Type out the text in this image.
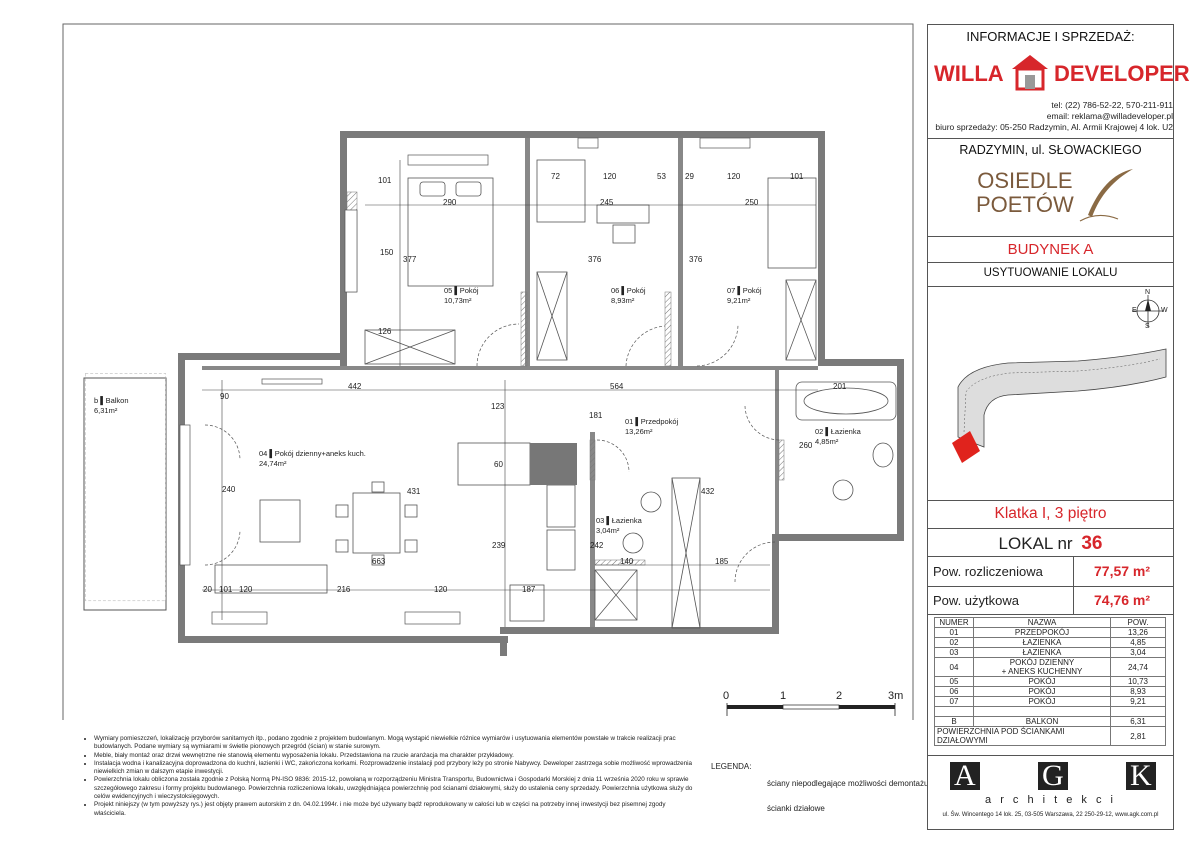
0	1	2	3m
05 ▌Pokój
10,73m²
06 ▌Pokój
8,93m²
07 ▌Pokój
9,21m²
b ▌Balkon
6,31m²
04 ▌Pokój dzienny+aneks kuch.
24,74m²
01 ▌Przedpokój
13,26m²	02 ▌Łazienka
4,85m²
03 ▌Łazienka
3,04m²
101	72	120	53 29	120	101
290	245	250
150
377	376	376
126
442	564	201
90
123
181
60
260
240	431	432
239	242
663	140	185
20 101 120	216	120	187
• Wymiary pomieszczeń, lokalizację przyborów sanitarnych itp., podano zgodnie z projektem budowlanym. Mogą wystąpić niewielkie różnice wymiarów i usytuowania elementów powstałe w trakcie realizacji prac budowlanych. Podane wymiary są wymiarami w świetle pionowych przegród (ścian) w stanie surowym.
• Meble, biały montaż oraz drzwi wewnętrzne nie stanowią elementu wyposażenia lokalu. Przedstawiona na rzucie aranżacja ma charakter przykładowy.
• Instalacja wodna i kanalizacyjna doprowadzona do kuchni, łazienki i WC, zakończona korkami. Rozprowadzenie instalacji pod przybory leży po stronie Nabywcy. Deweloper zastrzega sobie możliwość wprowadzenia niewielkich zmian w dalszym etapie inwestycji.
• Powierzchnia lokalu obliczona została zgodnie z Polską Normą PN-ISO 9836: 2015-12, powołaną w rozporządzeniu Ministra Transportu, Budownictwa i Gospodarki Morskiej z dnia 11 września 2020 roku w sprawie szczegółowego zakresu i formy projektu budowlanego. Powierzchnia rozliczeniowa lokalu, uwzględniająca powierzchnię pod ścianami działowymi, służy do ustalenia ceny sprzedaży. Powierzchnia użytkowa służy do celów ewidencyjnych i wieczystoksięgowych.
• Projekt niniejszy (w tym powyższy rys.) jest objęty prawem autorskim z dn. 04.02.1994r. i nie może być używany bądź reprodukowany w całości lub w części na potrzeby innej inwestycji bez pisemnej zgody właściciela.
LEGENDA:
ściany niepodlegające możliwości demontażu
ścianki działowe
INFORMACJE I SPRZEDAŻ:
WILLA DEVELOPER
tel: (22) 786-52-22, 570-211-911
email: reklama@willadeveloper.pl
biuro sprzedaży: 05-250 Radzymin, Al. Armii Krajowej 4 lok. U2
RADZYMIN, ul. SŁOWACKIEGO
OSIEDLE
POETÓW
BUDYNEK A
USYTUOWANIE LOKALU
E
N
W
S
Klatka I, 3 piętro
LOKAL nr 36
Pow. rozliczeniowa	77,57 m²
Pow. użytkowa	74,76 m²
A G K
a r c h i t e k c i
ul. Św. Wincentego 14 lok. 25, 03-505 Warszawa, 22 250-29-12, www.agk.com.pl
NUMER	NAZWA	POW.
01	PRZEDPOKÓJ	13,26
02	ŁAZIENKA	4,85
03	ŁAZIENKA	3,04
04	POKÓJ DZIENNY
+ ANEKS KUCHENNY	24,74
05	POKÓJ	10,73
06	POKÓJ	8,93
07	POKÓJ	9,21

B	BALKON	6,31
POWIERZCHNIA POD ŚCIANKAMI DZIAŁOWYMI		2,81
